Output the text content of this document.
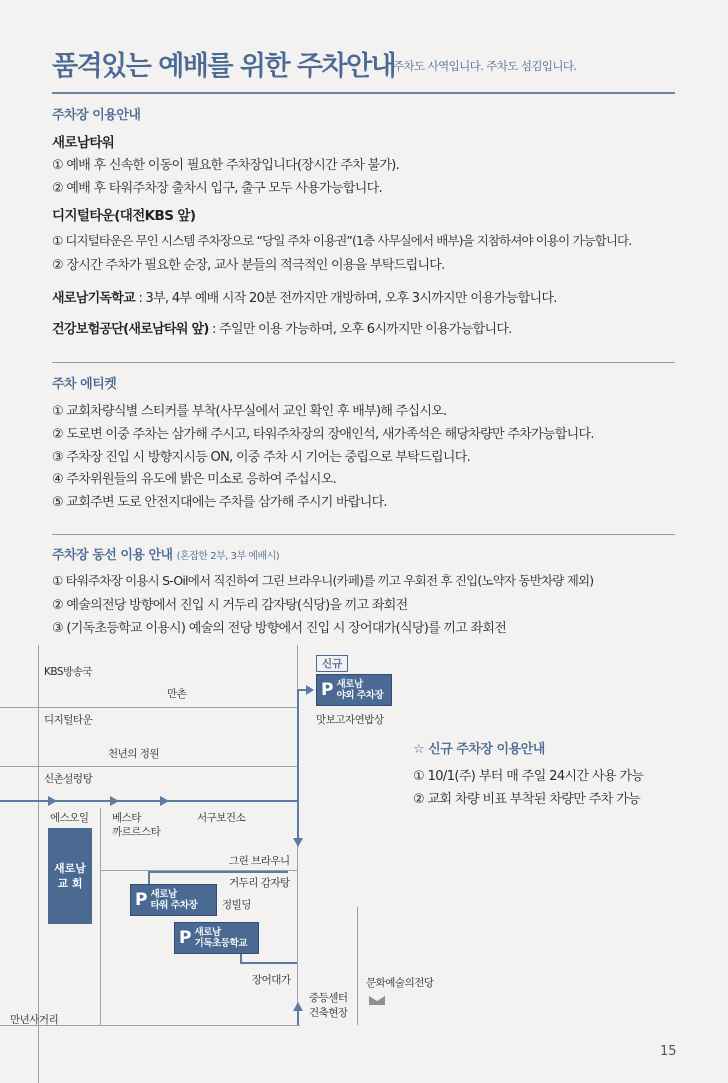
품격있는 예배를 위한 주차안내
주차도 사역입니다. 주차도 섬김입니다.
주차장 이용안내
새로남타워
① 예배 후 신속한 이동이 필요한 주차장입니다(장시간 주차 불가).
② 예배 후 타워주차장 출차시 입구, 출구 모두 사용가능합니다.
디지털타운(대전KBS 앞)
① 디지털타운은 무인 시스템 주차장으로 “당일 주차 이용권”(1층 사무실에서 배부)을 지참하셔야 이용이 가능합니다.
② 장시간 주차가 필요한 순장, 교사 분들의 적극적인 이용을 부탁드립니다.
새로남기독학교 : 3부, 4부 예배 시작 20분 전까지만 개방하며, 오후 3시까지만 이용가능합니다.
건강보험공단(새로남타워 앞) : 주일만 이용 가능하며, 오후 6시까지만 이용가능합니다.
주차 에티켓
① 교회차량식별 스티커를 부착(사무실에서 교인 확인 후 배부)해 주십시오.
② 도로변 이중 주차는 삼가해 주시고, 타워주차장의 장애인석, 새가족석은 해당차량만 주차가능합니다.
③ 주차장 진입 시 방향지시등 ON, 이중 주차 시 기어는 중립으로 부탁드립니다.
④ 주차위원들의 유도에 밝은 미소로 응하여 주십시오.
⑤ 교회주변 도로 안전지대에는 주차를 삼가해 주시기 바랍니다.
주차장 동선 이용 안내 (혼잡한 2부, 3부 예배시)
① 타워주차장 이용시 S-Oil에서 직진하여 그린 브라우니(카페)를 끼고 우회전 후 진입(노약자 동반차량 제외)
② 예술의전당 방향에서 진입 시 거두리 감자탕(식당)을 끼고 좌회전
③ (기독초등학교 이용시) 예술의 전당 방향에서 진입 시 장어대가(식당)를 끼고 좌회전
KBS방송국
만촌
디지털타운
천년의 정원
신촌설렁탕
에스오일 베스타
까르르스타
서구보건소
그린 브라우니
거두리 감자탕
정빌딩
장어대가
중등센터
건축현장
문화예술의전당
맛보고자연밥상
만년사거리
새로남
교 회
신규
P 새로남
야외 주차장
P 새로남
타워 주차장
P 새로남
기독초등학교
☆ 신규 주차장 이용안내
① 10/1(주) 부터 매 주일 24시간 사용 가능
② 교회 차량 비표 부착된 차량만 주차 가능
15
